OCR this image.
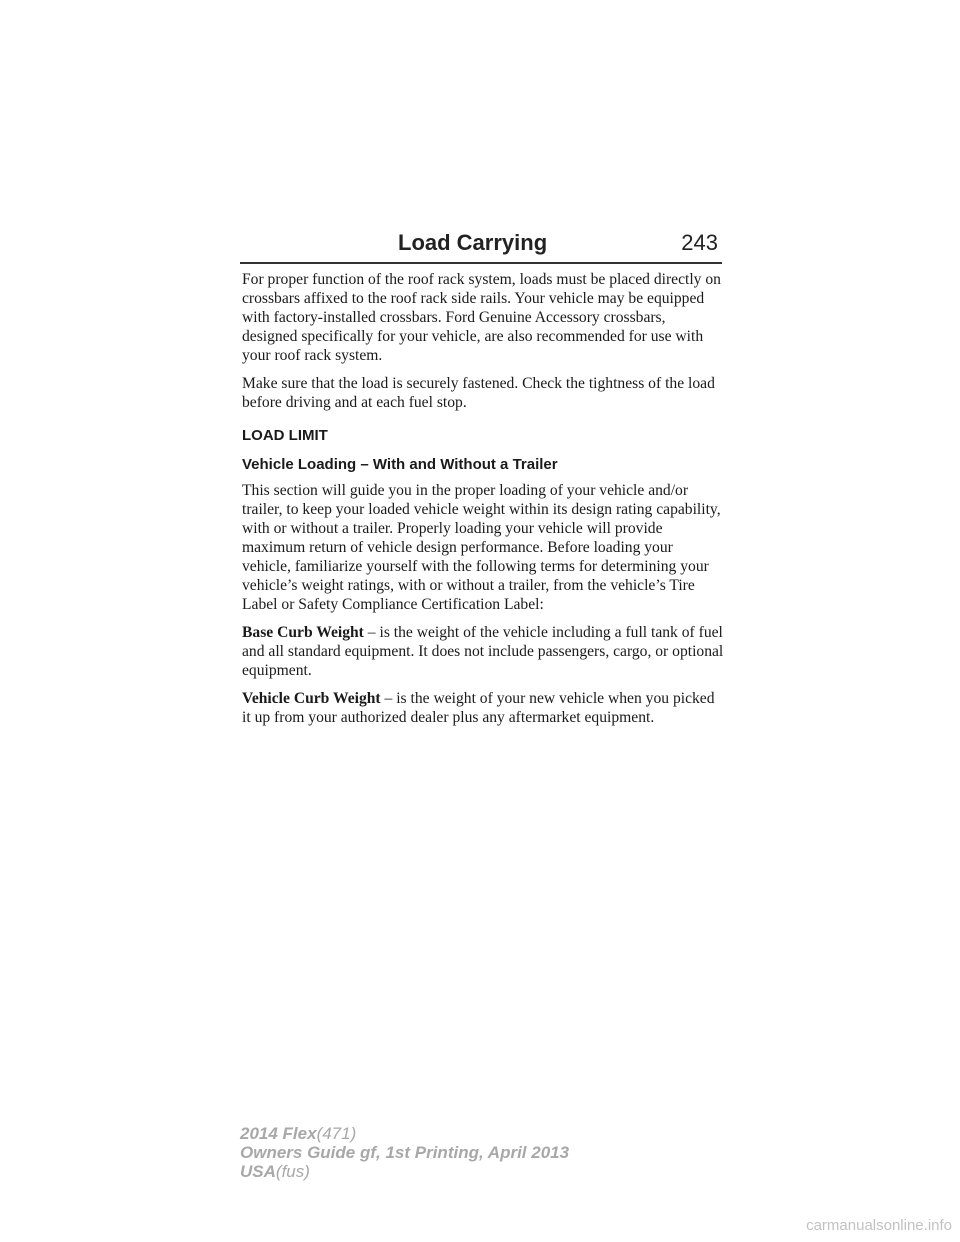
Load Carrying	243

For proper function of the roof rack system, loads must be placed directly on crossbars affixed to the roof rack side rails. Your vehicle may be equipped with factory-installed crossbars. Ford Genuine Accessory crossbars, designed specifically for your vehicle, are also recommended for use with your roof rack system.

Make sure that the load is securely fastened. Check the tightness of the load before driving and at each fuel stop.

LOAD LIMIT
Vehicle Loading – With and Without a Trailer

This section will guide you in the proper loading of your vehicle and/or trailer, to keep your loaded vehicle weight within its design rating capability, with or without a trailer. Properly loading your vehicle will provide maximum return of vehicle design performance. Before loading your vehicle, familiarize yourself with the following terms for determining your vehicle’s weight ratings, with or without a trailer, from the vehicle’s Tire Label or Safety Compliance Certification Label:

Base Curb Weight – is the weight of the vehicle including a full tank of fuel and all standard equipment. It does not include passengers, cargo, or optional equipment.

Vehicle Curb Weight – is the weight of your new vehicle when you picked it up from your authorized dealer plus any aftermarket equipment.

2014 Flex(471)
Owners Guide gf, 1st Printing, April 2013
USA(fus)
carmanualsonline.info
